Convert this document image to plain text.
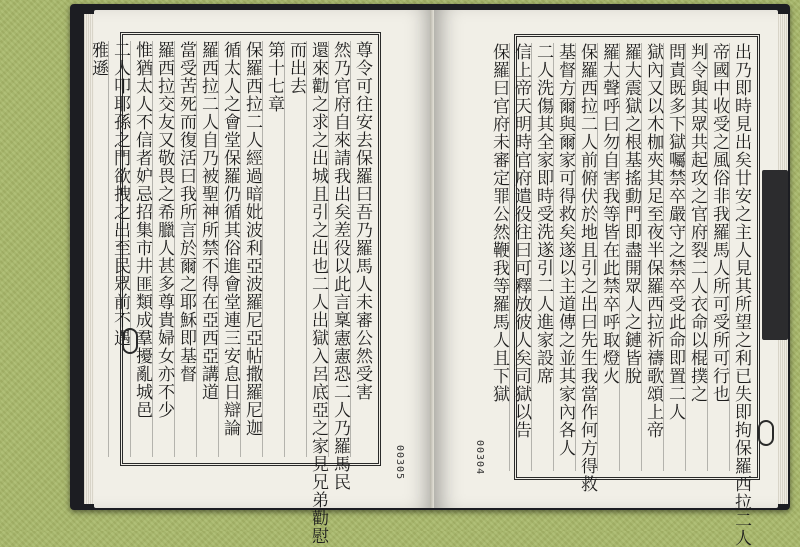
尊令可往安去保羅曰吾乃羅馬人未審公然受害
然乃官府自來請我出矣差役以此言稟憲憲恐二人乃羅馬民
還來勸之求之出城且引之出也二人出獄入呂底亞之家見兄弟勸慰
而出去
第十七章
保羅西拉二人經過暗妣波利亞波羅尼亞帖撒羅尼迦
循太人之會堂保羅仍循其俗進會堂連三安息日辯論
羅西拉二人自乃被聖神所禁不得在亞西亞講道
當受苦死而復活曰我所言於爾之耶穌即基督
羅西拉交友又敬畏之希臘人甚多尊貴婦女亦不少
惟猶太人不信者妒忌招集市井匪類成羣擾亂城邑
二人叩耶孫之門欲拽之出至民眾前不遇
雅遜
00305	出乃即時見出矣廿安之主人見其所望之利已失即拘保羅西拉二人
帝國中收受之風俗非我羅馬人所可受所可行也
判令與其眾共起攻之官府裂二人衣命以棍撲之
問責既多下獄囑禁卒嚴守之禁卒受此命即置二人
獄內又以木枷夾其足至夜半保羅西拉祈禱歌頌上帝
羅大震獄之根基搖動門即盡開眾人之鏈皆脫
羅大聲呼曰勿自害我等皆在此禁卒呼取燈火
保羅西拉二人前俯伏於地且引之出曰先生我當作何方得救
基督方爾與爾家可得救矣遂以主道傳之並其家內各人
二人洗傷其全家即時受洗遂引二人進家設席
信上帝天明時官府遣役往曰可釋放彼人矣司獄以告
保羅曰官府未審定罪公然鞭我等羅馬人且下獄
00304
